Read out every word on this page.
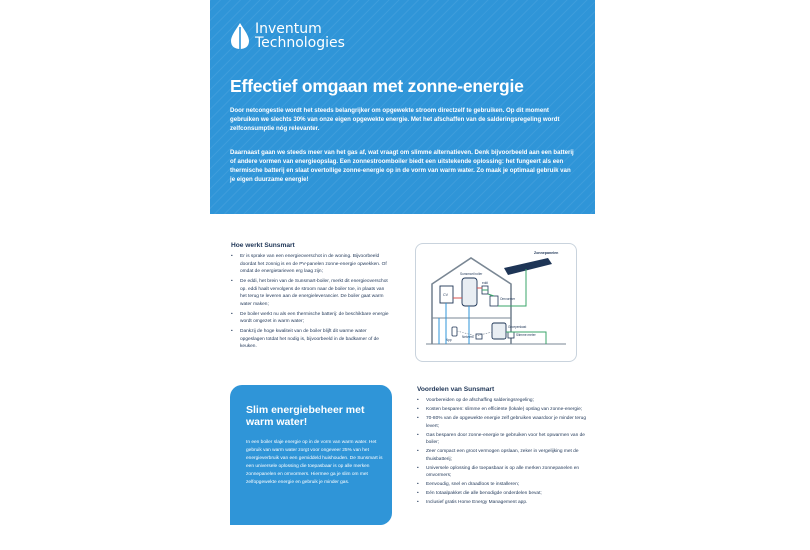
Inventum
Technologies
Effectief omgaan met zonne-energie

Door netcongestie wordt het steeds belangrijker om opgewekte stroom directzelf te gebruiken. Op dit moment gebruiken we slechts 30% van onze eigen opgewekte energie. Met het afschaffen van de salderingsregeling wordt zelfconsumptie nóg relevanter.

Daarnaast gaan we steeds meer van het gas af, wat vraagt om slimme alternatieven. Denk bijvoorbeeld aan een batterij of andere vormen van energieopslag. Een zonnestroomboiler biedt een uitstekende oplossing: het fungeert als een thermische batterij en slaat overtollige zonne-energie op in de vorm van warm water. Zo maak je optimaal gebruik van je eigen duurzame energie!

Hoe werkt Sunsmart
• Er is sprake van een energieoverschot in de woning. Bijvoorbeeld doordat het zonnig is en de PV-panelen zonne-energie opwekken. Of omdat de energietarieven erg laag zijn;
• De eddi, het brein van de Sunsmart-boiler, merkt dit energieoverschot op. eddi haalt vervolgens de stroom naar de boiler toe, in plaats van het terug te leveren aan de energieleverancier. De boiler gaat warm water maken;
• De boiler werkt nu als een thermische batterij: de beschikbare energie wordt omgezet in warm water;
• Dankzij de hoge kwaliteit van de boiler blijft dit warme water opgeslagen totdat het nodig is, bijvoorbeeld in de badkamer of de keuken.
Zonnepanelen
CV
Sunsmart boiler
eddi
Omvormer
Groepenkast
Slimme meter
Netwerk
App
Slim energiebeheer met warm water!

In een boiler slaje energie op in de vorm van warm water. Het gebruik van warm water zorgt voor ongeveer 25% van het energieverbruik van een gemiddeld huishouden. De Sunsmart is een universele oplossing die toepasbaar is op alle merken zonnepanelen en omvormers. Hiermee ga je slim om met zelfopgewekte energie en gebruik je minder gas.

Voordelen van Sunsmart
• Voorbereiden op de afschaffing salderingsregeling;
• Kosten besparen: slimme en efficiënte (lokale) opslag van zonne-energie;
• 70-80% van de opgewekte energie zelf gebruiken waardoor je minder terug levert;
• Gas besparen door zonne-energie te gebruiken voor het opwarmen van de boiler;
• Zeer compact een groot vermogen opslaan, zeker in vergelijking met de thuisbatterij;
• Universele oplossing die toepasbaar is op alle merken zonnepanelen en omvormers;
• Eenvoudig, snel en draadloos te installeren;
• Eén totaalpakket die alle benodigde onderdelen bevat;
• Inclusief gratis Home Energy Management app.
